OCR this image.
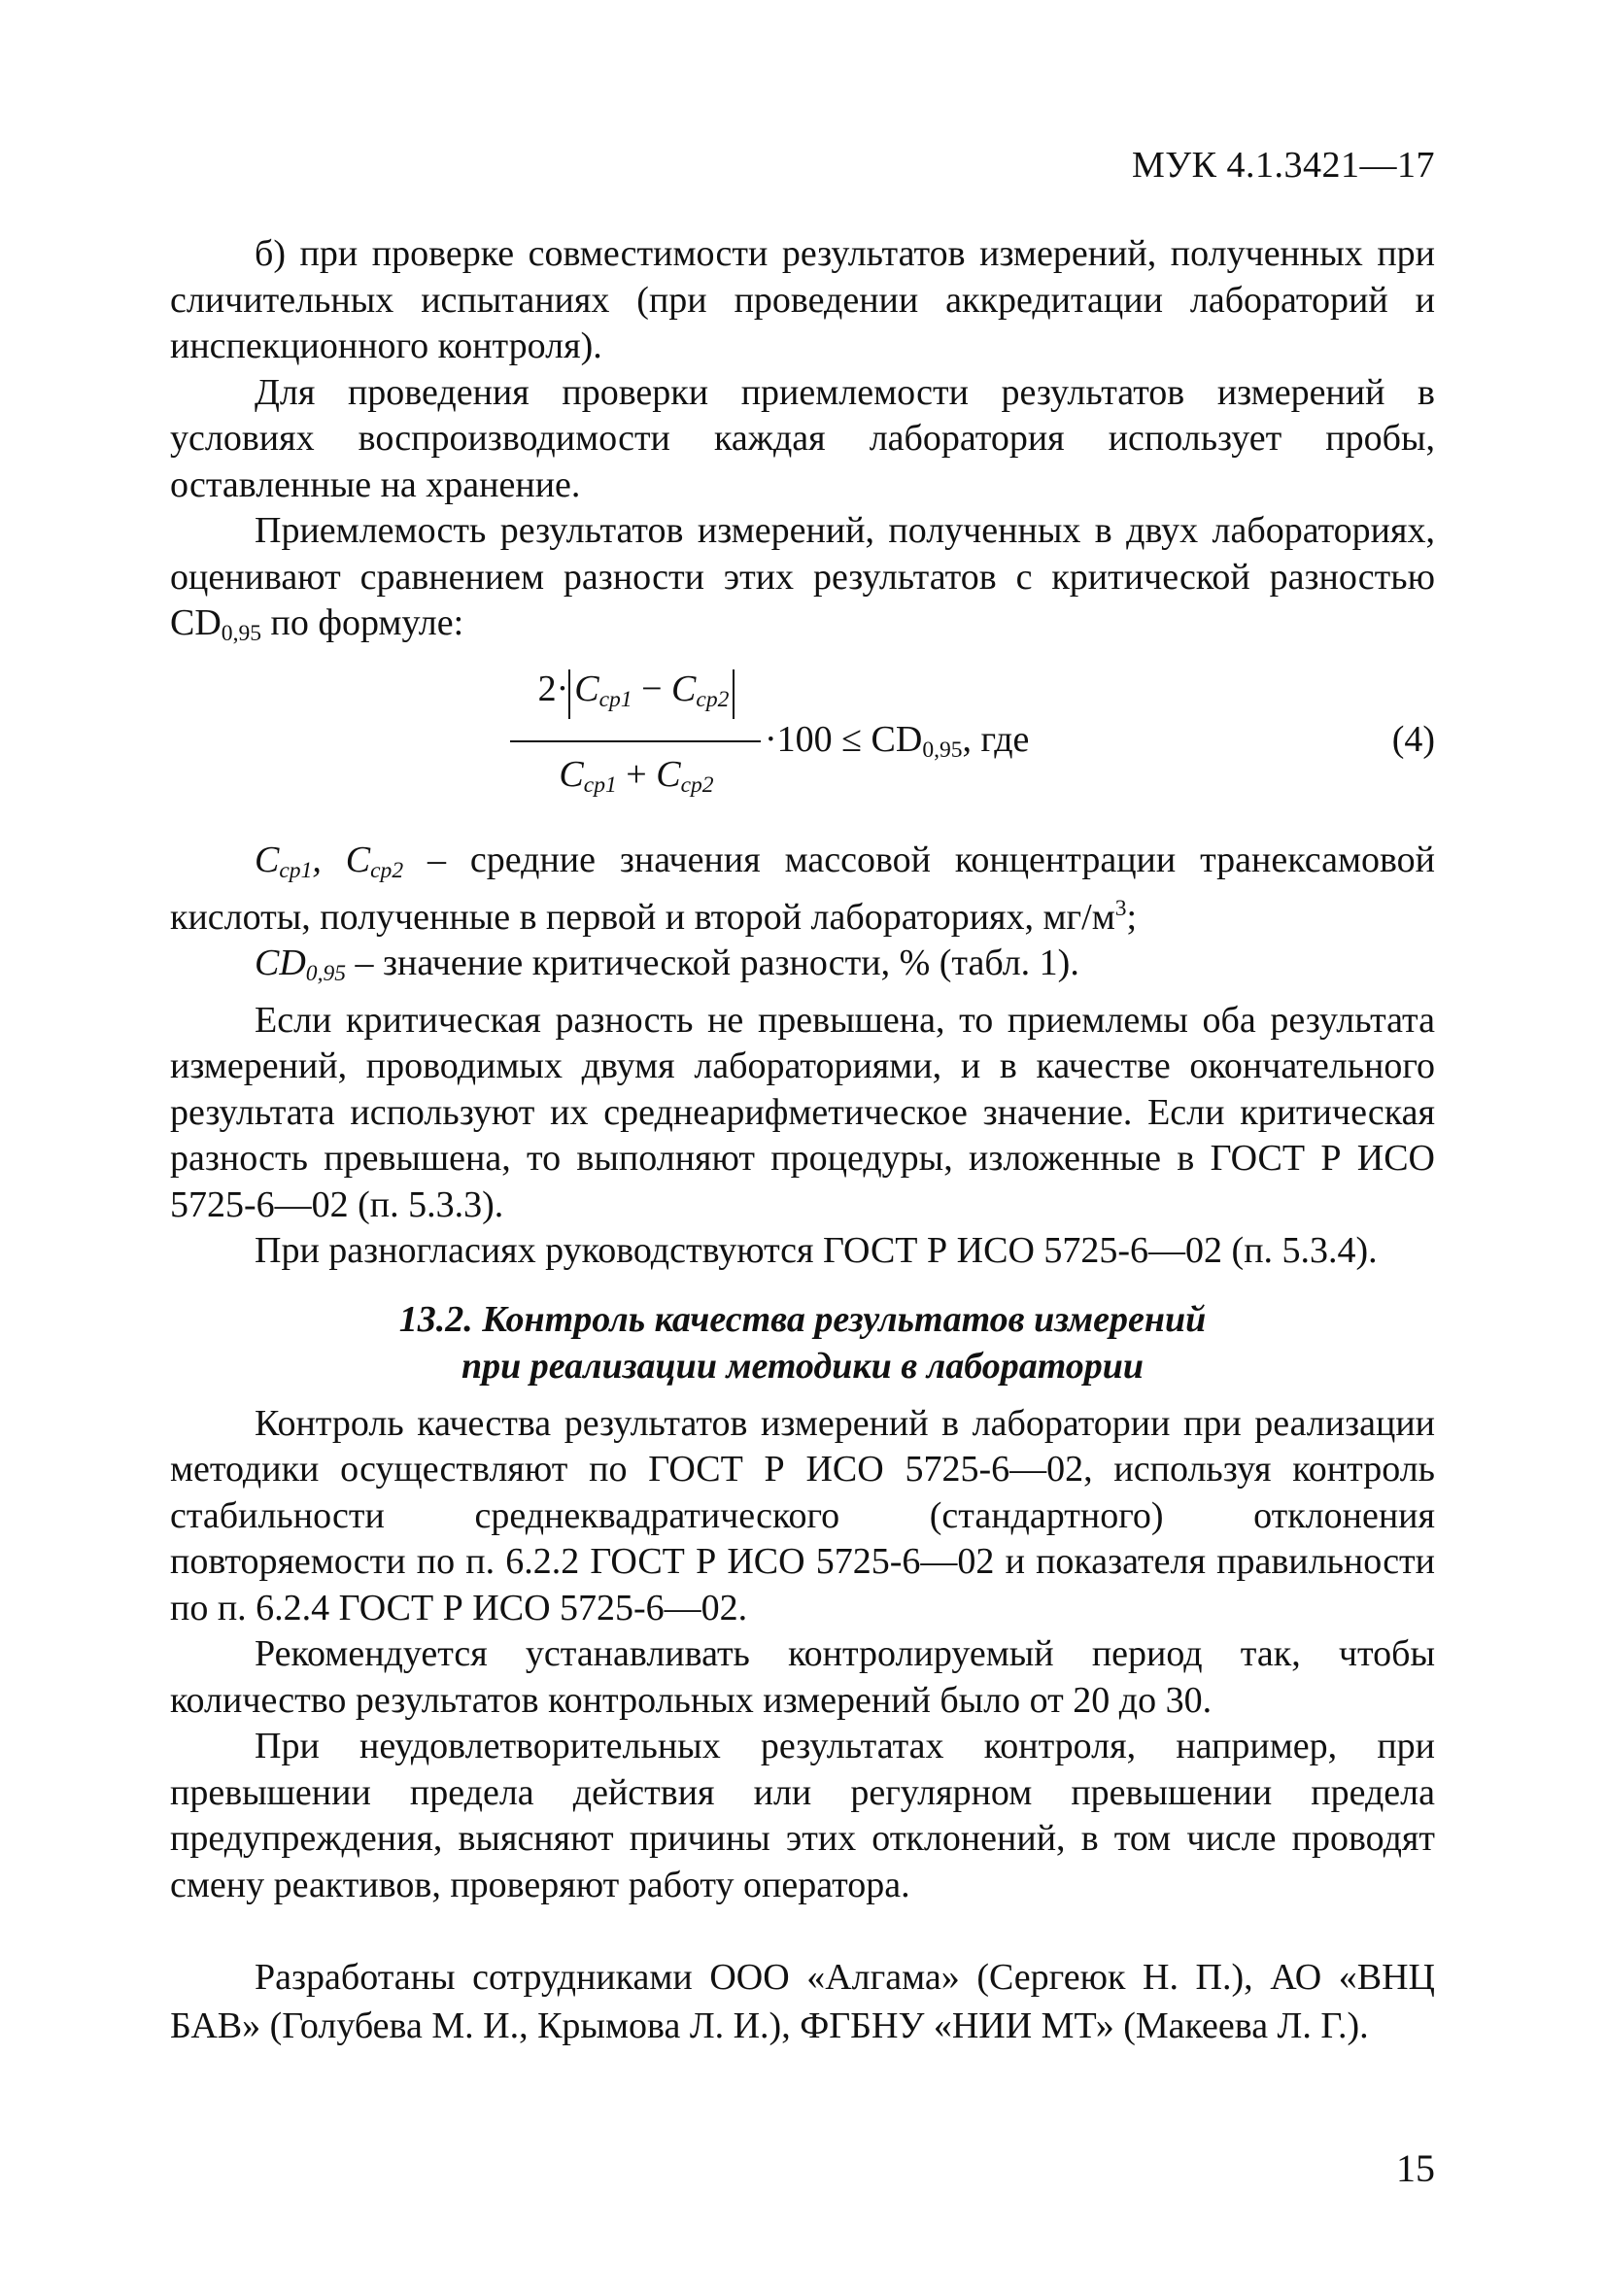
МУК 4.1.3421—17

б) при проверке совместимости результатов измерений, полученных при сличительных испытаниях (при проведении аккредитации лабораторий и инспекционного контроля).

Для проведения проверки приемлемости результатов измерений в условиях воспроизводимости каждая лаборатория использует пробы, оставленные на хранение.

Приемлемость результатов измерений, полученных в двух лабораториях, оценивают сравнением разности этих результатов с критической разностью $CD_{0,95}$ по формуле:

$2\cdot C_{cp1} - C_{cp2}$
$C_{cp1} + C_{cp2}$
$\cdot 100 \le CD_{0,95}$, где	(4)

$C_{cp1}$, $C_{cp2}$ – средние значения массовой концентрации транексамовой кислоты, полученные в первой и второй лабораториях, $мг/м^3$;

$CD_{0,95}$ – значение критической разности, % (табл. 1).

Если критическая разность не превышена, то приемлемы оба результата измерений, проводимых двумя лабораториями, и в качестве окончательного результата используют их среднеарифметическое значение. Если критическая разность превышена, то выполняют процедуры, изложенные в ГОСТ Р ИСО 5725-6—02 (п. 5.3.3).

При разногласиях руководствуются ГОСТ Р ИСО 5725-6—02 (п. 5.3.4).

13.2. Контроль качества результатов измерений
при реализации методики в лаборатории

Контроль качества результатов измерений в лаборатории при реализации методики осуществляют по ГОСТ Р ИСО 5725-6—02, используя контроль стабильности среднеквадратического (стандартного) отклонения повторяемости по п. 6.2.2 ГОСТ Р ИСО 5725-6—02 и показателя правильности по п. 6.2.4 ГОСТ Р ИСО 5725-6—02.

Рекомендуется устанавливать контролируемый период так, чтобы количество результатов контрольных измерений было от 20 до 30.

При неудовлетворительных результатах контроля, например, при превышении предела действия или регулярном превышении предела предупреждения, выясняют причины этих отклонений, в том числе проводят смену реактивов, проверяют работу оператора.

Разработаны сотрудниками ООО «Алгама» (Сергеюк Н. П.), АО «ВНЦ БАВ» (Голубева М. И., Крымова Л. И.), ФГБНУ «НИИ МТ» (Макеева Л. Г.).

15
